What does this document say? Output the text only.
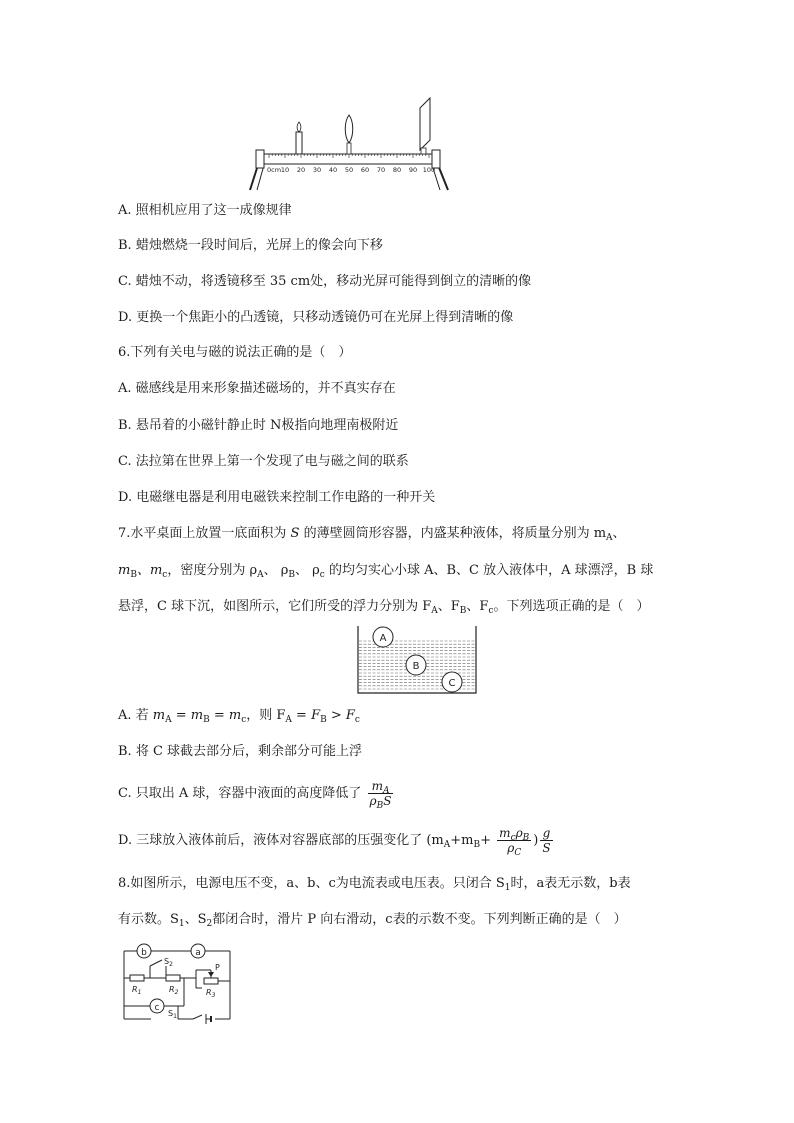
0cm 10 20 30 40 50 60 70 80 90 100
A. 照相机应用了这一成像规律
B. 蜡烛燃烧一段时间后，光屏上的像会向下移
C. 蜡烛不动，将透镜移至 35 cm处，移动光屏可能得到倒立的清晰的像
D. 更换一个焦距小的凸透镜，只移动透镜仍可在光屏上得到清晰的像
6.下列有关电与磁的说法正确的是（　）
A. 磁感线是用来形象描述磁场的，并不真实存在
B. 悬吊着的小磁针静止时 N极指向地理南极附近
C. 法拉第在世界上第一个发现了电与磁之间的联系
D. 电磁继电器是利用电磁铁来控制工作电路的一种开关
7.水平桌面上放置一底面积为 S 的薄壁圆筒形容器，内盛某种液体，将质量分别为 $m_A$、
$m_B$、$m_c$，密度分别为 $\rho_A$、 $\rho_B$、 $\rho_c$ 的均匀实心小球 A、B、C 放入液体中，A 球漂浮，B 球
悬浮，C 球下沉，如图所示，它们所受的浮力分别为 $F_A$、$F_B$、$F_c$。下列选项正确的是（　）
A
B
C
A. 若 $m_A = m_B = m_c$，则 $F_A = F_B > F_c$
B. 将 C 球截去部分后，剩余部分可能上浮
C. 只取出 A 球，容器中液面的高度降低了 $\frac{m_A}{\rho_BS}$
D. 三球放入液体前后，液体对容器底部的压强变化了 ($m_A+m_B+ \frac{m_c\rho_B}{\rho_C}$ ) $\frac{g}{S}$
8.如图所示，电源电压不变，a、b、c为电流表或电压表。只闭合 $S_1$时，a表无示数，b表
有示数。$S_1$、$S_2$都闭合时，滑片 P 向右滑动，c表的示数不变。下列判断正确的是（　）
b	a
c
$R_1$	$R_2$	$R_3$
$S_2$
$S_1$
P
